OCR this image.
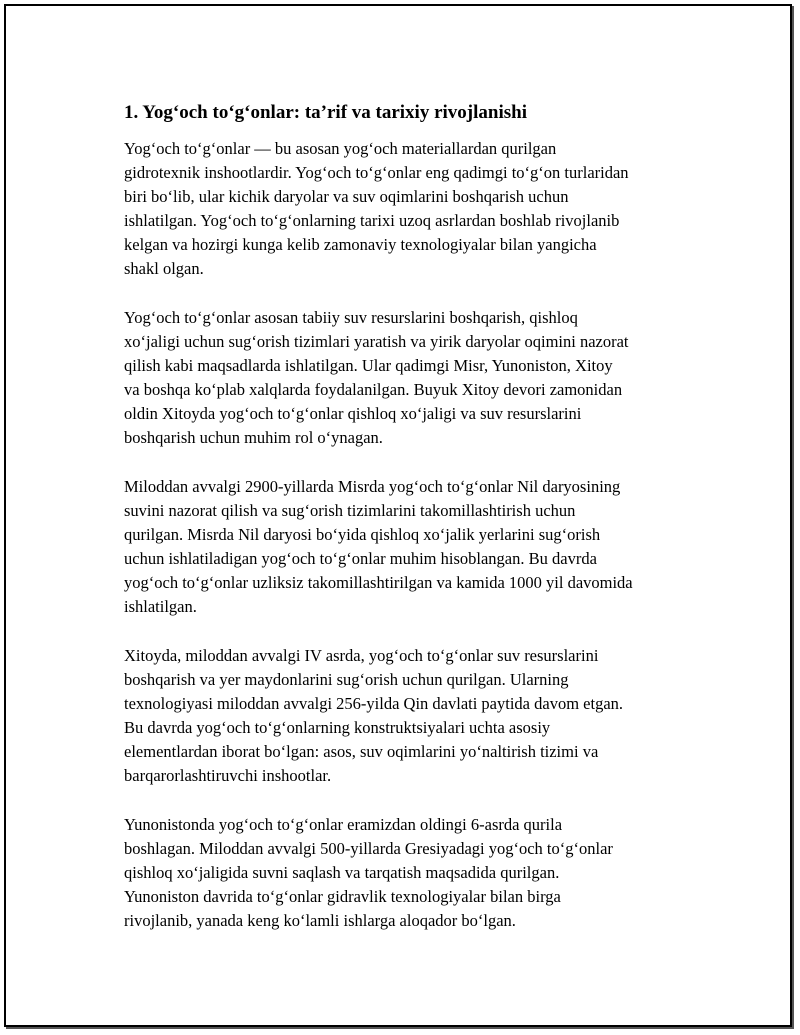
1. Yog‘och to‘g‘onlar: ta’rif va tarixiy rivojlanishi
Yog‘och to‘g‘onlar — bu asosan yog‘och materiallardan qurilgan
gidrotexnik inshootlardir. Yog‘och to‘g‘onlar eng qadimgi to‘g‘on turlaridan
biri bo‘lib, ular kichik daryolar va suv oqimlarini boshqarish uchun
ishlatilgan. Yog‘och to‘g‘onlarning tarixi uzoq asrlardan boshlab rivojlanib
kelgan va hozirgi kunga kelib zamonaviy texnologiyalar bilan yangicha
shakl olgan.
Yog‘och to‘g‘onlar asosan tabiiy suv resurslarini boshqarish, qishloq
xo‘jaligi uchun sug‘orish tizimlari yaratish va yirik daryolar oqimini nazorat
qilish kabi maqsadlarda ishlatilgan. Ular qadimgi Misr, Yunoniston, Xitoy
va boshqa ko‘plab xalqlarda foydalanilgan. Buyuk Xitoy devori zamonidan
oldin Xitoyda yog‘och to‘g‘onlar qishloq xo‘jaligi va suv resurslarini
boshqarish uchun muhim rol o‘ynagan.
Miloddan avvalgi 2900-yillarda Misrda yog‘och to‘g‘onlar Nil daryosining
suvini nazorat qilish va sug‘orish tizimlarini takomillashtirish uchun
qurilgan. Misrda Nil daryosi bo‘yida qishloq xo‘jalik yerlarini sug‘orish
uchun ishlatiladigan yog‘och to‘g‘onlar muhim hisoblangan. Bu davrda
yog‘och to‘g‘onlar uzliksiz takomillashtirilgan va kamida 1000 yil davomida
ishlatilgan.
Xitoyda, miloddan avvalgi IV asrda, yog‘och to‘g‘onlar suv resurslarini
boshqarish va yer maydonlarini sug‘orish uchun qurilgan. Ularning
texnologiyasi miloddan avvalgi 256-yilda Qin davlati paytida davom etgan.
Bu davrda yog‘och to‘g‘onlarning konstruktsiyalari uchta asosiy
elementlardan iborat bo‘lgan: asos, suv oqimlarini yo‘naltirish tizimi va
barqarorlashtiruvchi inshootlar.
Yunonistonda yog‘och to‘g‘onlar eramizdan oldingi 6-asrda qurila
boshlagan. Miloddan avvalgi 500-yillarda Gresiyadagi yog‘och to‘g‘onlar
qishloq xo‘jaligida suvni saqlash va tarqatish maqsadida qurilgan.
Yunoniston davrida to‘g‘onlar gidravlik texnologiyalar bilan birga
rivojlanib, yanada keng ko‘lamli ishlarga aloqador bo‘lgan.
